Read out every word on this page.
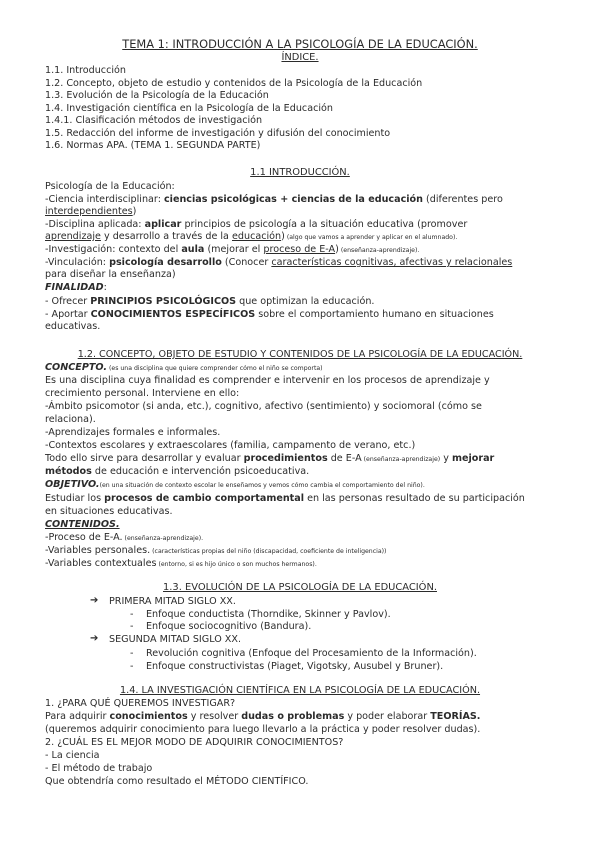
TEMA 1: INTRODUCCIÓN A LA PSICOLOGÍA DE LA EDUCACIÓN.
ÍNDICE.
1.1. Introducción
1.2. Concepto, objeto de estudio y contenidos de la Psicología de la Educación
1.3. Evolución de la Psicología de la Educación
1.4. Investigación científica en la Psicología de la Educación
1.4.1. Clasificación métodos de investigación
1.5. Redacción del informe de investigación y difusión del conocimiento
1.6. Normas APA. (TEMA 1. SEGUNDA PARTE)
1.1 INTRODUCCIÓN.
Psicología de la Educación:
-Ciencia interdisciplinar: ciencias psicológicas + ciencias de la educación (diferentes pero
interdependientes)
-Disciplina aplicada: aplicar principios de psicología a la situación educativa (promover
aprendizaje y desarrollo a través de la educación) (algo que vamos a aprender y aplicar en el alumnado).
-Investigación: contexto del aula (mejorar el proceso de E-A) (enseñanza-aprendizaje).
-Vinculación: psicología desarrollo (Conocer características cognitivas, afectivas y relacionales
para diseñar la enseñanza)
FINALIDAD:
- Ofrecer PRINCIPIOS PSICOLÓGICOS que optimizan la educación.
- Aportar CONOCIMIENTOS ESPECÍFICOS sobre el comportamiento humano en situaciones
educativas.
1.2. CONCEPTO, OBJETO DE ESTUDIO Y CONTENIDOS DE LA PSICOLOGÍA DE LA EDUCACIÓN.
CONCEPTO. (es una disciplina que quiere comprender cómo el niño se comporta)
Es una disciplina cuya finalidad es comprender e intervenir en los procesos de aprendizaje y
crecimiento personal. Interviene en ello:
-Ámbito psicomotor (si anda, etc.), cognitivo, afectivo (sentimiento) y sociomoral (cómo se
relaciona).
-Aprendizajes formales e informales.
-Contextos escolares y extraescolares (familia, campamento de verano, etc.)
Todo ello sirve para desarrollar y evaluar procedimientos de E-A (enseñanza-aprendizaje) y mejorar
métodos de educación e intervención psicoeducativa.
OBJETIVO.(en una situación de contexto escolar le enseñamos y vemos cómo cambia el comportamiento del niño).
Estudiar los procesos de cambio comportamental en las personas resultado de su participación
en situaciones educativas.
CONTENIDOS.
-Proceso de E-A. (enseñanza-aprendizaje).
-Variables personales. (características propias del niño (discapacidad, coeficiente de inteligencia))
-Variables contextuales (entorno, si es hijo único o son muchos hermanos).
1.3. EVOLUCIÓN DE LA PSICOLOGÍA DE LA EDUCACIÓN.
➔ PRIMERA MITAD SIGLO XX.
- Enfoque conductista (Thorndike, Skinner y Pavlov).
- Enfoque sociocognitivo (Bandura).
➔ SEGUNDA MITAD SIGLO XX.
- Revolución cognitiva (Enfoque del Procesamiento de la Información).
- Enfoque constructivistas (Piaget, Vigotsky, Ausubel y Bruner).
1.4. LA INVESTIGACIÓN CIENTÍFICA EN LA PSICOLOGÍA DE LA EDUCACIÓN.
1. ¿PARA QUÉ QUEREMOS INVESTIGAR?
Para adquirir conocimientos y resolver dudas o problemas y poder elaborar TEORÍAS.
(queremos adquirir conocimiento para luego llevarlo a la práctica y poder resolver dudas).
2. ¿CUÁL ES EL MEJOR MODO DE ADQUIRIR CONOCIMIENTOS?
- La ciencia
- El método de trabajo
Que obtendría como resultado el MÉTODO CIENTÍFICO.
